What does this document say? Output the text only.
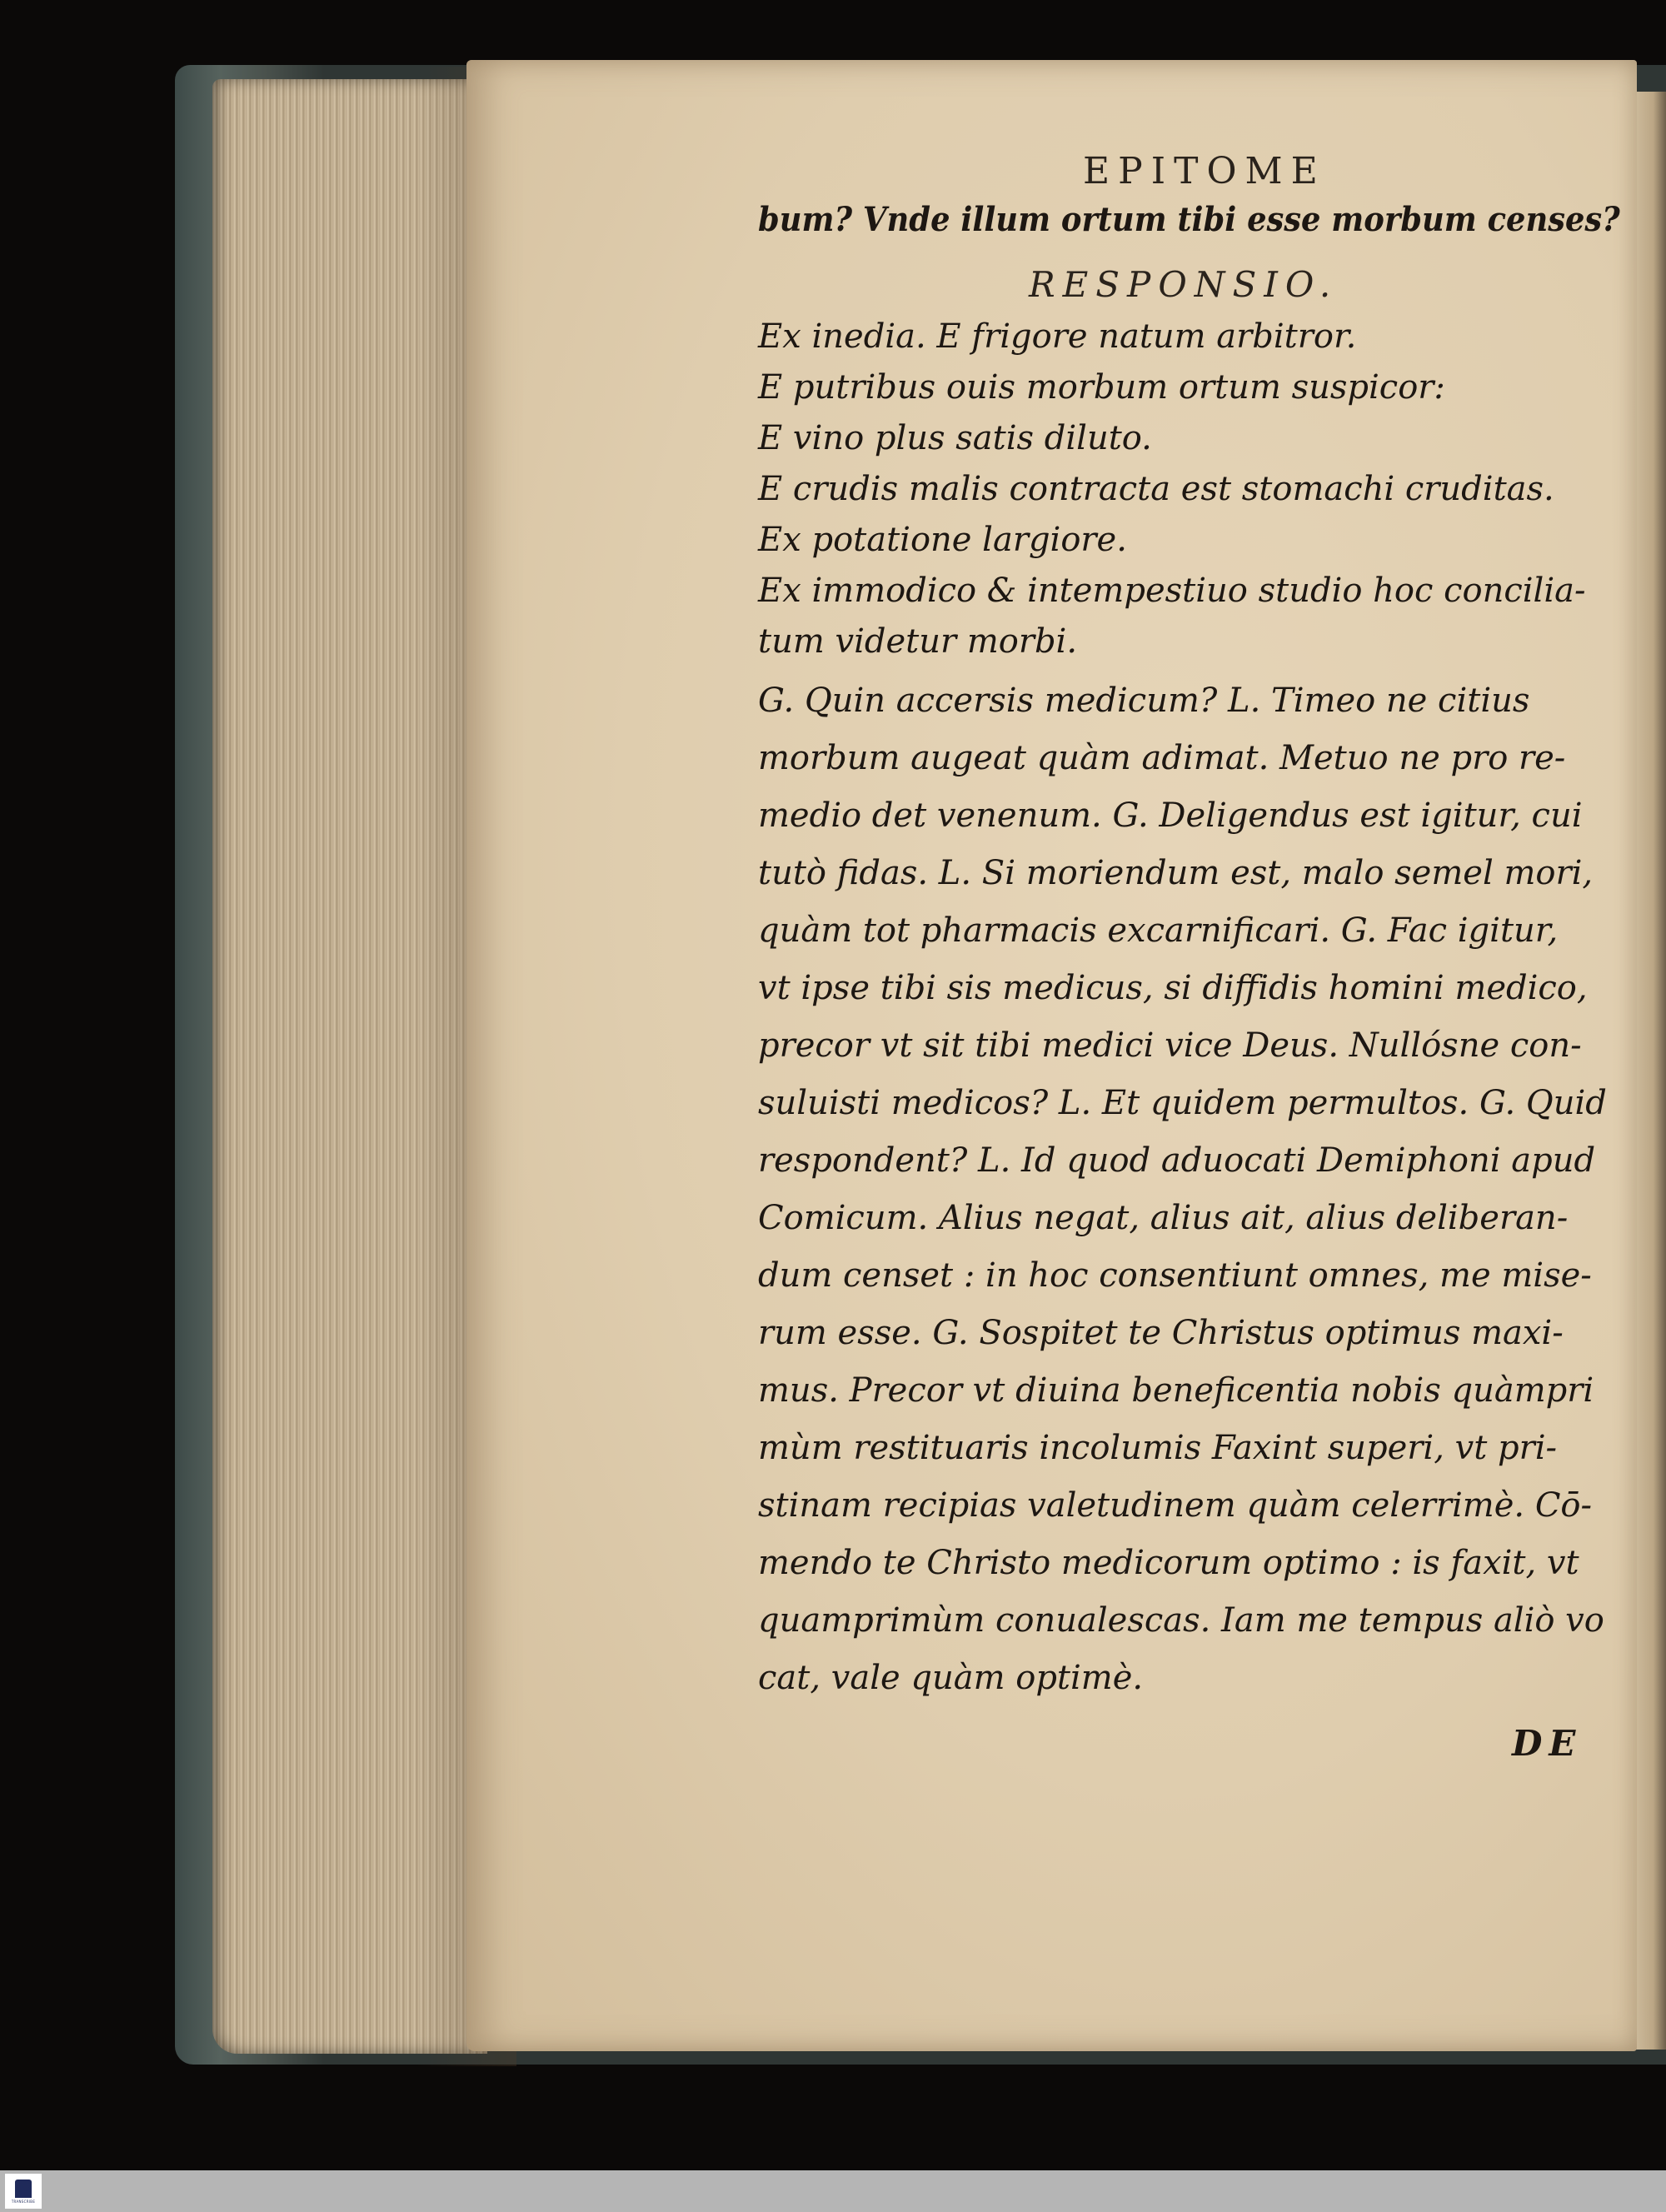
EPITOME
bum? Vnde illum ortum tibi esse morbum censes?
RESPONSIO.
Ex inedia. E frigore natum arbitror.
E putribus ouis morbum ortum suspicor:
E vino plus satis diluto.
E crudis malis contracta est stomachi cruditas.
Ex potatione largiore.
Ex immodico & intempestiuo studio hoc concilia-
tum videtur morbi.
G. Quin accersis medicum? L. Timeo ne citius
morbum augeat quàm adimat. Metuo ne pro re-
medio det venenum. G. Deligendus est igitur, cui
tutò fidas. L. Si moriendum est, malo semel mori,
quàm tot pharmacis excarnificari. G. Fac igitur,
vt ipse tibi sis medicus, si diffidis homini medico,
precor vt sit tibi medici vice Deus. Nullósne con-
suluisti medicos? L. Et quidem permultos. G. Quid
respondent? L. Id quod aduocati Demiphoni apud
Comicum. Alius negat, alius ait, alius deliberan-
dum censet : in hoc consentiunt omnes, me mise-
rum esse. G. Sospitet te Christus optimus maxi-
mus. Precor vt diuina beneficentia nobis quàmpri
mùm restituaris incolumis Faxint superi, vt pri-
stinam recipias valetudinem quàm celerrimè. Cō-
mendo te Christo medicorum optimo : is faxit, vt
quamprimùm conualescas. Iam me tempus aliò vo
cat, vale quàm optimè.
DE
TRANSCRIBE
